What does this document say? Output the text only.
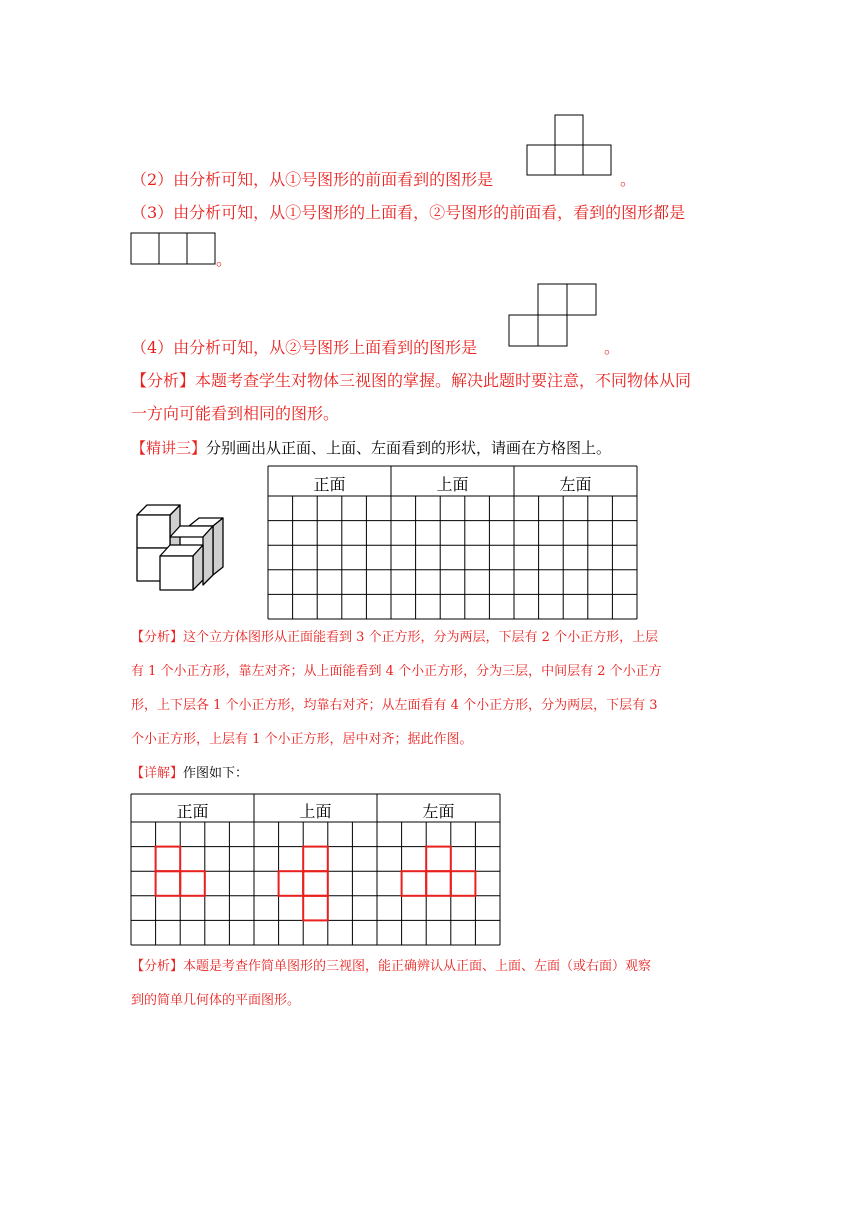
（2）由分析可知，从①号图形的前面看到的图形是	。
（3）由分析可知，从①号图形的上面看，②号图形的前面看，看到的图形都是
。
（4）由分析可知，从②号图形上面看到的图形是	。
【分析】本题考查学生对物体三视图的掌握。解决此题时要注意，不同物体从同
一方向可能看到相同的图形。
【精讲三】分别画出从正面、上面、左面看到的形状，请画在方格图上。
正面	上面	左面
【分析】这个立方体图形从正面能看到 3 个正方形，分为两层，下层有 2 个小正方形，上层
有 1 个小正方形，靠左对齐；从上面能看到 4 个小正方形，分为三层，中间层有 2 个小正方
形，上下层各 1 个小正方形，均靠右对齐；从左面看有 4 个小正方形，分为两层，下层有 3
个小正方形，上层有 1 个小正方形，居中对齐；据此作图。
【详解】作图如下：
正面	上面	左面
【分析】本题是考查作简单图形的三视图，能正确辨认从正面、上面、左面（或右面）观察
到的简单几何体的平面图形。
